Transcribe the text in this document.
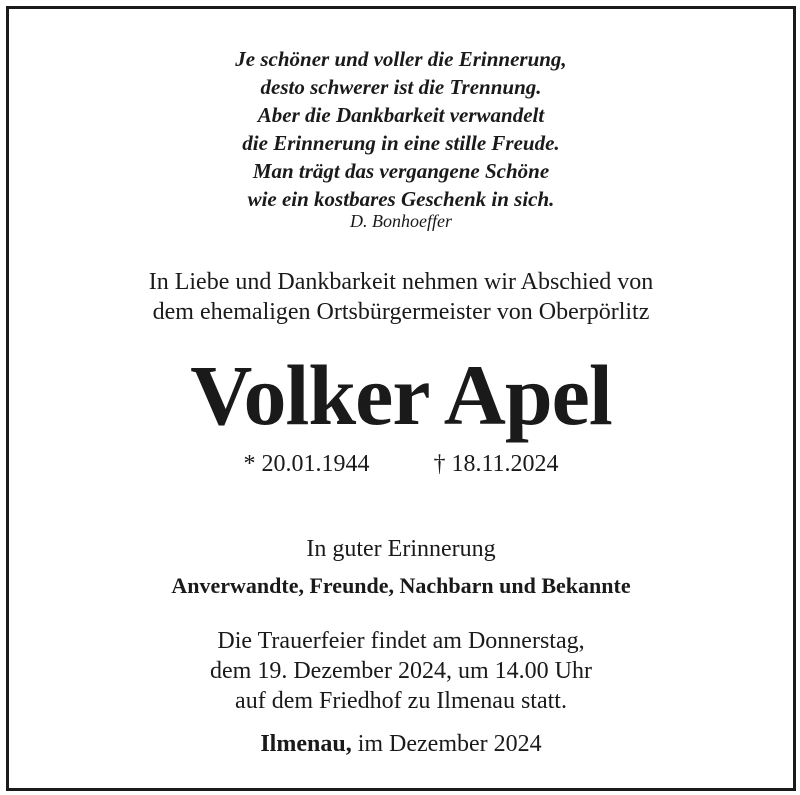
Je schöner und voller die Erinnerung,
desto schwerer ist die Trennung.
Aber die Dankbarkeit verwandelt
die Erinnerung in eine stille Freude.
Man trägt das vergangene Schöne
wie ein kostbares Geschenk in sich.
D. Bonhoeffer
In Liebe und Dankbarkeit nehmen wir Abschied von
dem ehemaligen Ortsbürgermeister von Oberpörlitz
Volker Apel
* 20.01.1944	† 18.11.2024
In guter Erinnerung
Anverwandte, Freunde, Nachbarn und Bekannte
Die Trauerfeier findet am Donnerstag,
dem 19. Dezember 2024, um 14.00 Uhr
auf dem Friedhof zu Ilmenau statt.
Ilmenau, im Dezember 2024
